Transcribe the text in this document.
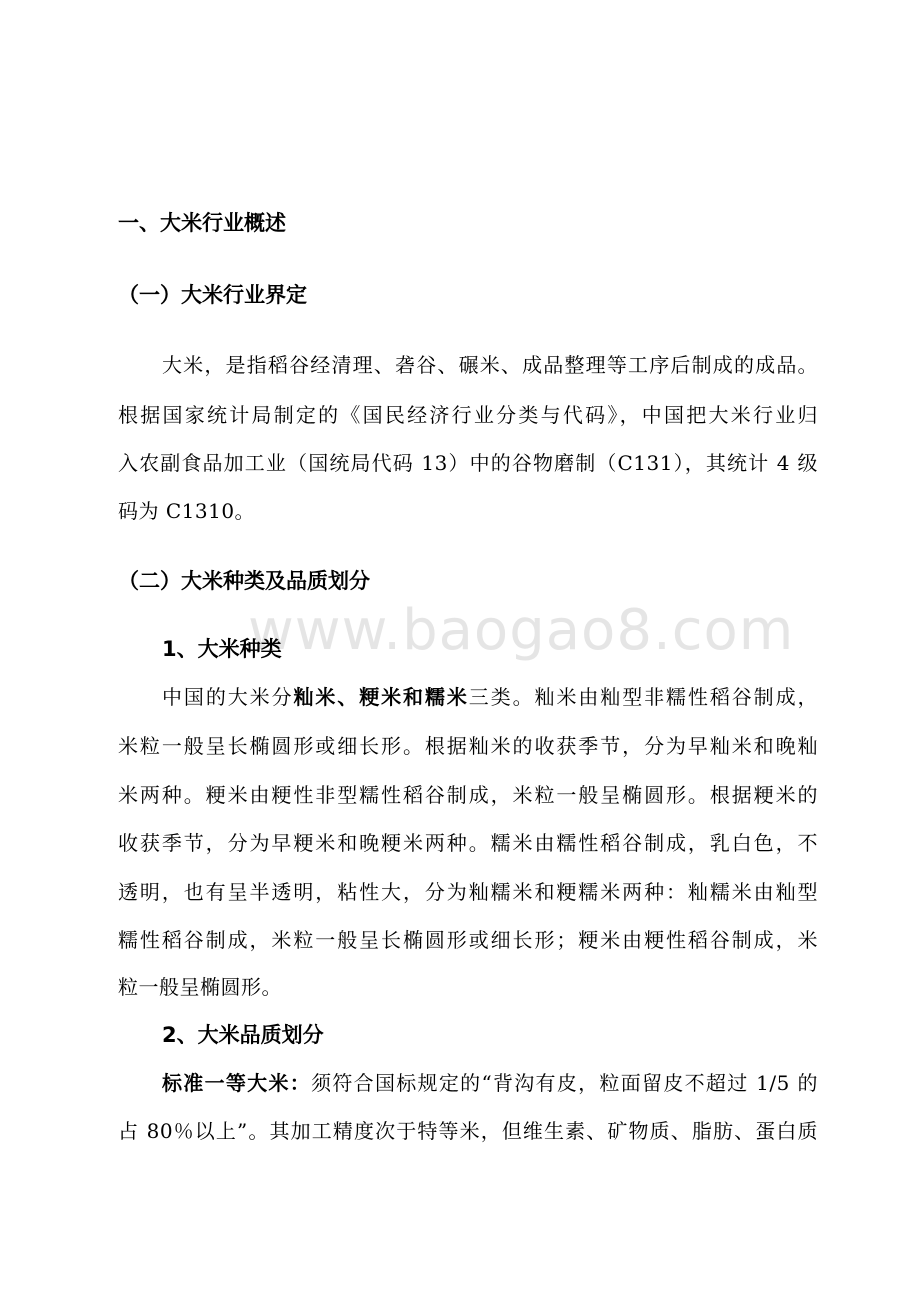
www.baogao8.com
一、大米行业概述
（一）大米行业界定
大米，是指稻谷经清理、砻谷、碾米、成品整理等工序后制成的成品。
根据国家统计局制定的《国民经济行业分类与代码》，中国把大米行业归
入农副食品加工业（国统局代码 13）中的谷物磨制（C131），其统计 4 级
码为 C1310。
（二）大米种类及品质划分
1、大米种类
中国的大米分籼米、粳米和糯米三类。籼米由籼型非糯性稻谷制成，
米粒一般呈长椭圆形或细长形。根据籼米的收获季节，分为早籼米和晚籼
米两种。粳米由粳性非型糯性稻谷制成，米粒一般呈椭圆形。根据粳米的
收获季节，分为早粳米和晚粳米两种。糯米由糯性稻谷制成，乳白色，不
透明，也有呈半透明，粘性大，分为籼糯米和粳糯米两种：籼糯米由籼型
糯性稻谷制成，米粒一般呈长椭圆形或细长形；粳米由粳性稻谷制成，米
粒一般呈椭圆形。
2、大米品质划分
标准一等大米：须符合国标规定的“背沟有皮，粒面留皮不超过 1/5 的
占 80％以上”。其加工精度次于特等米，但维生素、矿物质、脂肪、蛋白质
